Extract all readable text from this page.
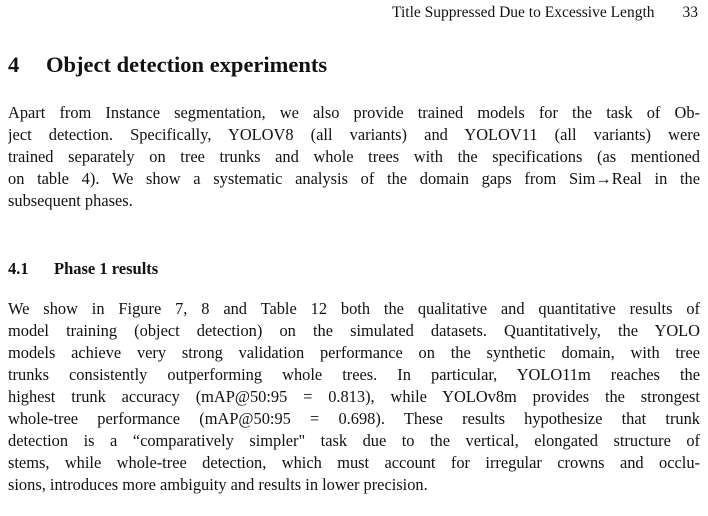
Title Suppressed Due to Excessive Length 33
4 Object detection experiments

Apart from Instance segmentation, we also provide trained models for the task of Ob-
ject detection. Specifically, YOLOV8 (all variants) and YOLOV11 (all variants) were
trained separately on tree trunks and whole trees with the specifications (as mentioned
on table 4). We show a systematic analysis of the domain gaps from Sim→Real in the
subsequent phases.

4.1 Phase 1 results

We show in Figure 7, 8 and Table 12 both the qualitative and quantitative results of
model training (object detection) on the simulated datasets. Quantitatively, the YOLO
models achieve very strong validation performance on the synthetic domain, with tree
trunks consistently outperforming whole trees. In particular, YOLO11m reaches the
highest trunk accuracy (mAP@50:95 = 0.813), while YOLOv8m provides the strongest
whole-tree performance (mAP@50:95 = 0.698). These results hypothesize that trunk
detection is a “comparatively simpler" task due to the vertical, elongated structure of
stems, while whole-tree detection, which must account for irregular crowns and occlu-
sions, introduces more ambiguity and results in lower precision.
